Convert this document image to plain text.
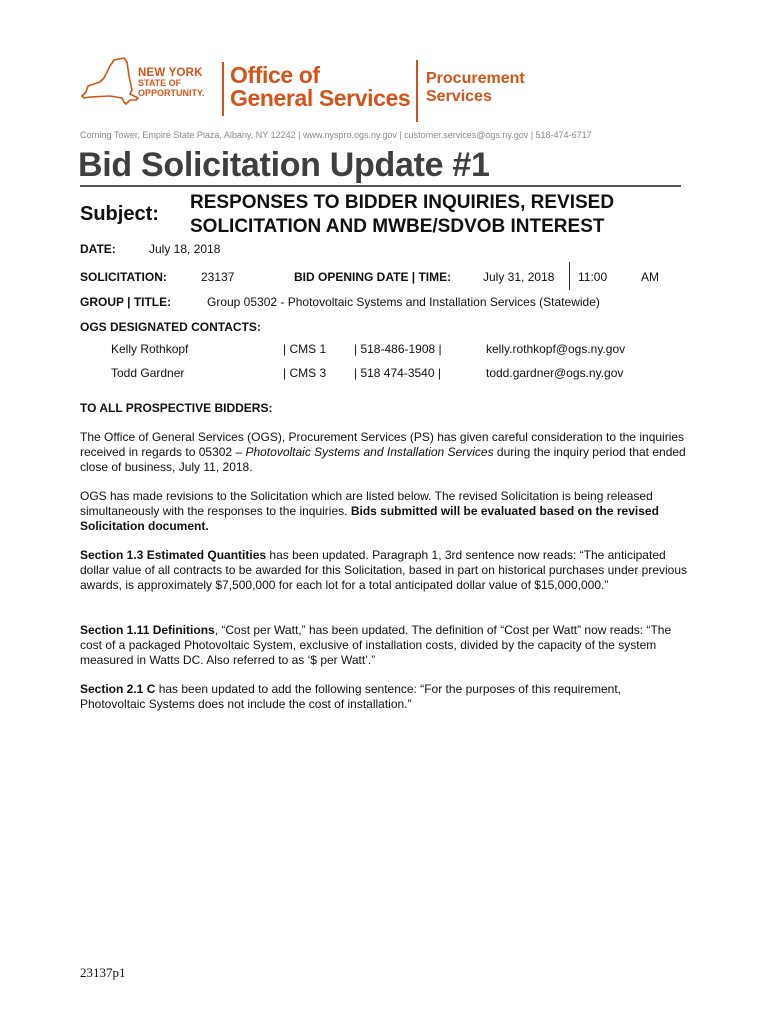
NEW YORK
STATE OF
OPPORTUNITY.
Office of
General Services
Procurement
Services
Corning Tower, Empire State Plaza, Albany, NY 12242 | www.nyspro.ogs.ny.gov | customer.services@ogs.ny.gov | 518-474-6717
Bid Solicitation Update #1
Subject:
RESPONSES TO BIDDER INQUIRIES, REVISED
SOLICITATION AND MWBE/SDVOB INTEREST
DATE:	July 18, 2018
SOLICITATION:	23137	BID OPENING DATE | TIME:	July 31, 2018 11:00	AM
GROUP | TITLE:	Group 05302 - Photovoltaic Systems and Installation Services (Statewide)
OGS DESIGNATED CONTACTS:
Kelly Rothkopf	| CMS 1 | 518-486-1908 |	kelly.rothkopf@ogs.ny.gov
Todd Gardner	| CMS 3 | 518 474-3540 |	todd.gardner@ogs.ny.gov
TO ALL PROSPECTIVE BIDDERS:
The Office of General Services (OGS), Procurement Services (PS) has given careful consideration to the inquiries received in regards to 05302 – Photovoltaic Systems and Installation Services during the inquiry period that ended close of business, July 11, 2018.
OGS has made revisions to the Solicitation which are listed below. The revised Solicitation is being released simultaneously with the responses to the inquiries. Bids submitted will be evaluated based on the revised Solicitation document.
Section 1.3 Estimated Quantities has been updated. Paragraph 1, 3rd sentence now reads: “The anticipated dollar value of all contracts to be awarded for this Solicitation, based in part on historical purchases under previous awards, is approximately $7,500,000 for each lot for a total anticipated dollar value of $15,000,000.”
Section 1.11 Definitions, “Cost per Watt,” has been updated. The definition of “Cost per Watt” now reads: “The cost of a packaged Photovoltaic System, exclusive of installation costs, divided by the capacity of the system measured in Watts DC. Also referred to as ‘$ per Watt’.”
Section 2.1 C has been updated to add the following sentence: “For the purposes of this requirement, Photovoltaic Systems does not include the cost of installation.”
23137p1
